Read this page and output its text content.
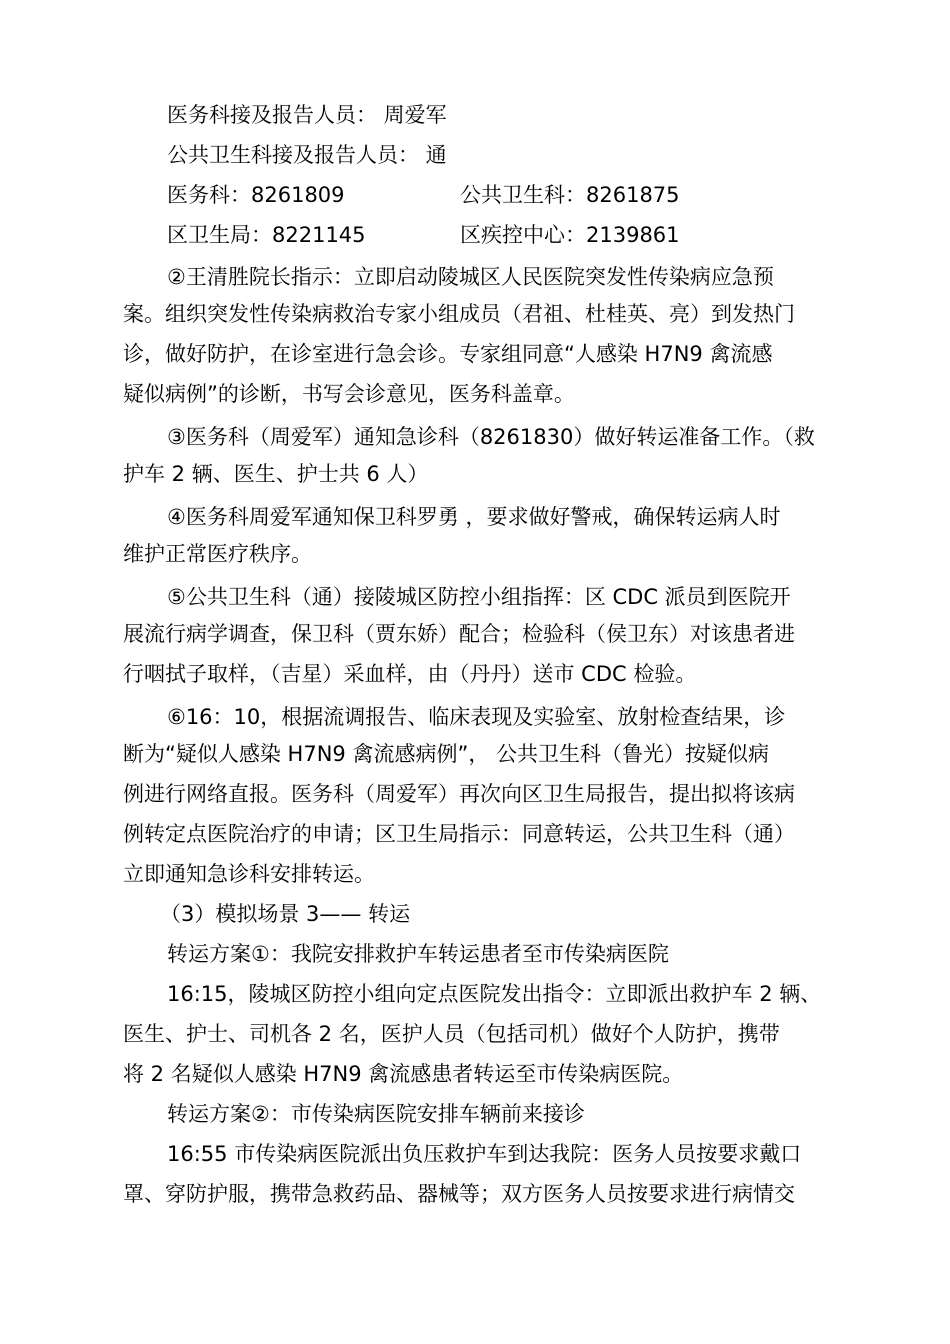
医务科接及报告人员： 周爱军
公共卫生科接及报告人员： 通
医务科：8261809	公共卫生科：8261875
区卫生局：8221145	区疾控中心：2139861
②王清胜院长指示：立即启动陵城区人民医院突发性传染病应急预
案。组织突发性传染病救治专家小组成员（君祖、杜桂英、亮）到发热门
诊，做好防护，在诊室进行急会诊。专家组同意“人感染 H7N9 禽流感
疑似病例”的诊断，书写会诊意见，医务科盖章。
③医务科（周爱军）通知急诊科（8261830）做好转运准备工作。（救
护车 2 辆、医生、护士共 6 人）
④医务科周爱军通知保卫科罗勇 ，要求做好警戒，确保转运病人时
维护正常医疗秩序。
⑤公共卫生科（通）接陵城区防控小组指挥：区 CDC 派员到医院开
展流行病学调查，保卫科（贾东娇）配合；检验科（侯卫东）对该患者进
行咽拭子取样，（吉星）采血样，由（丹丹）送市 CDC 检验。
⑥16：10，根据流调报告、临床表现及实验室、放射检查结果，诊
断为“疑似人感染 H7N9 禽流感病例”， 公共卫生科（鲁光）按疑似病
例进行网络直报。医务科（周爱军）再次向区卫生局报告，提出拟将该病
例转定点医院治疗的申请；区卫生局指示：同意转运，公共卫生科（通）
立即通知急诊科安排转运。
（3）模拟场景 3—— 转运
转运方案①：我院安排救护车转运患者至市传染病医院
16:15，陵城区防控小组向定点医院发出指令：立即派出救护车 2 辆、
医生、护士、司机各 2 名，医护人员（包括司机）做好个人防护，携带
将 2 名疑似人感染 H7N9 禽流感患者转运至市传染病医院。
转运方案②：市传染病医院安排车辆前来接诊
16:55 市传染病医院派出负压救护车到达我院：医务人员按要求戴口
罩、穿防护服，携带急救药品、器械等；双方医务人员按要求进行病情交
